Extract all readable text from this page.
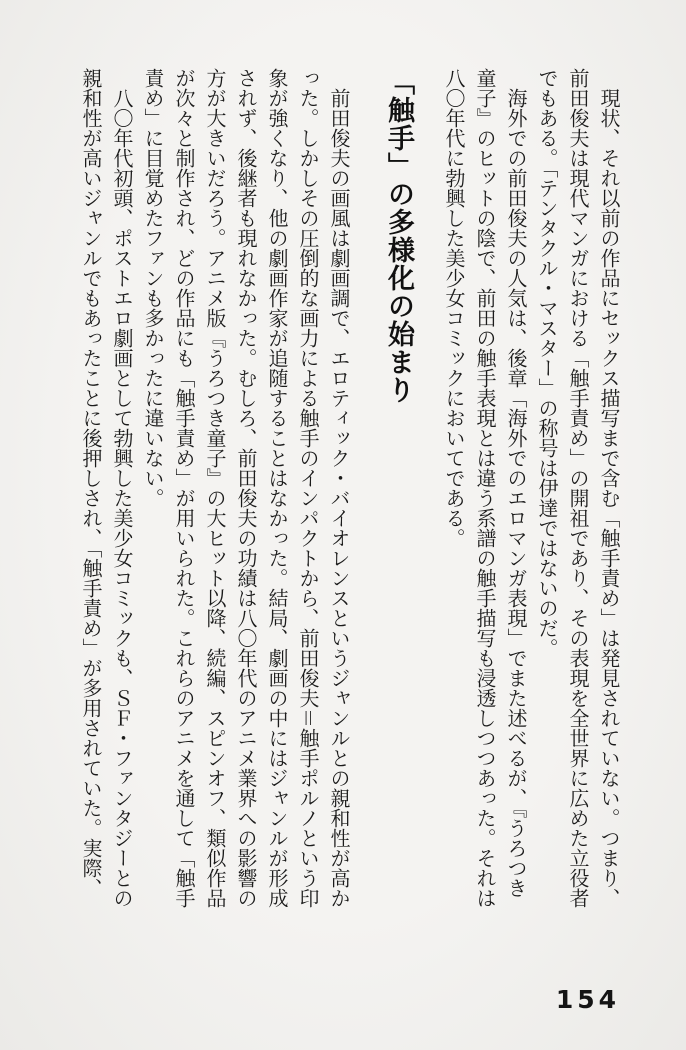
現状、それ以前の作品にセックス描写まで含む「触手責め」は発見されていない。つまり、前田俊夫は現代マンガにおける「触手責め」の開祖であり、その表現を全世界に広めた立役者でもある。「テンタクル・マスター」の称号は伊達ではないのだ。

海外での前田俊夫の人気は、後章「海外でのエロマンガ表現」でまた述べるが、『うろつき童子』のヒットの陰で、前田の触手表現とは違う系譜の触手描写も浸透しつつあった。それは八〇年代に勃興した美少女コミックにおいてである。

「触手」の多様化の始まり

前田俊夫の画風は劇画調で、エロティック・バイオレンスというジャンルとの親和性が高かった。しかしその圧倒的な画力による触手のインパクトから、前田俊夫＝触手ポルノという印象が強くなり、他の劇画作家が追随することはなかった。結局、劇画の中にはジャンルが形成されず、後継者も現れなかった。むしろ、前田俊夫の功績は八〇年代のアニメ業界への影響の方が大きいだろう。アニメ版『うろつき童子』の大ヒット以降、続編、スピンオフ、類似作品が次々と制作され、どの作品にも「触手責め」が用いられた。これらのアニメを通して「触手責め」に目覚めたファンも多かったに違いない。

八〇年代初頭、ポストエロ劇画として勃興した美少女コミックも、ＳＦ・ファンタジーとの親和性が高いジャンルでもあったことに後押しされ、「触手責め」が多用されていた。実際、

154
